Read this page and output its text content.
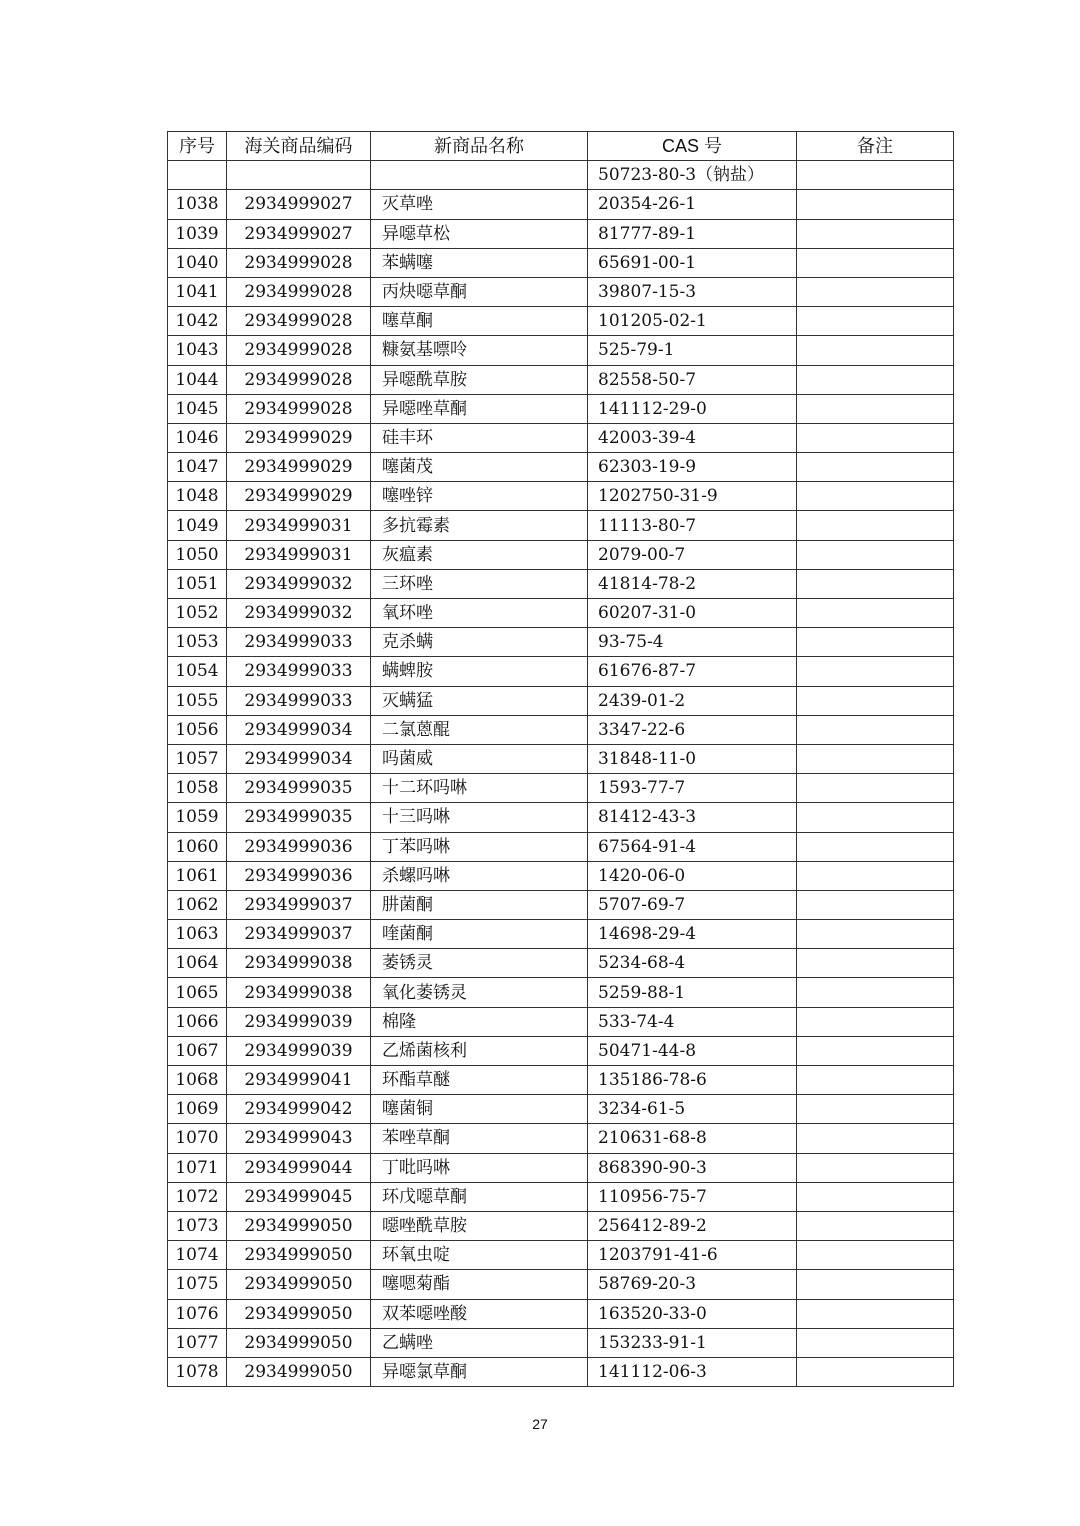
序号	海关商品编码	新商品名称	CAS 号	备注
			50723-80-3（钠盐）	
1038	2934999027	灭草唑	20354-26-1	
1039	2934999027	异噁草松	81777-89-1	
1040	2934999028	苯螨噻	65691-00-1	
1041	2934999028	丙炔噁草酮	39807-15-3	
1042	2934999028	噻草酮	101205-02-1	
1043	2934999028	糠氨基嘌呤	525-79-1	
1044	2934999028	异噁酰草胺	82558-50-7	
1045	2934999028	异噁唑草酮	141112-29-0	
1046	2934999029	硅丰环	42003-39-4	
1047	2934999029	噻菌茂	62303-19-9	
1048	2934999029	噻唑锌	1202750-31-9	
1049	2934999031	多抗霉素	11113-80-7	
1050	2934999031	灰瘟素	2079-00-7	
1051	2934999032	三环唑	41814-78-2	
1052	2934999032	氧环唑	60207-31-0	
1053	2934999033	克杀螨	93-75-4	
1054	2934999033	螨蜱胺	61676-87-7	
1055	2934999033	灭螨猛	2439-01-2	
1056	2934999034	二氯蒽醌	3347-22-6	
1057	2934999034	吗菌威	31848-11-0	
1058	2934999035	十二环吗啉	1593-77-7	
1059	2934999035	十三吗啉	81412-43-3	
1060	2934999036	丁苯吗啉	67564-91-4	
1061	2934999036	杀螺吗啉	1420-06-0	
1062	2934999037	肼菌酮	5707-69-7	
1063	2934999037	喹菌酮	14698-29-4	
1064	2934999038	萎锈灵	5234-68-4	
1065	2934999038	氧化萎锈灵	5259-88-1	
1066	2934999039	棉隆	533-74-4	
1067	2934999039	乙烯菌核利	50471-44-8	
1068	2934999041	环酯草醚	135186-78-6	
1069	2934999042	噻菌铜	3234-61-5	
1070	2934999043	苯唑草酮	210631-68-8	
1071	2934999044	丁吡吗啉	868390-90-3	
1072	2934999045	环戊噁草酮	110956-75-7	
1073	2934999050	噁唑酰草胺	256412-89-2	
1074	2934999050	环氧虫啶	1203791-41-6	
1075	2934999050	噻嗯菊酯	58769-20-3	
1076	2934999050	双苯噁唑酸	163520-33-0	
1077	2934999050	乙螨唑	153233-91-1	
1078	2934999050	异噁氯草酮	141112-06-3	
27
